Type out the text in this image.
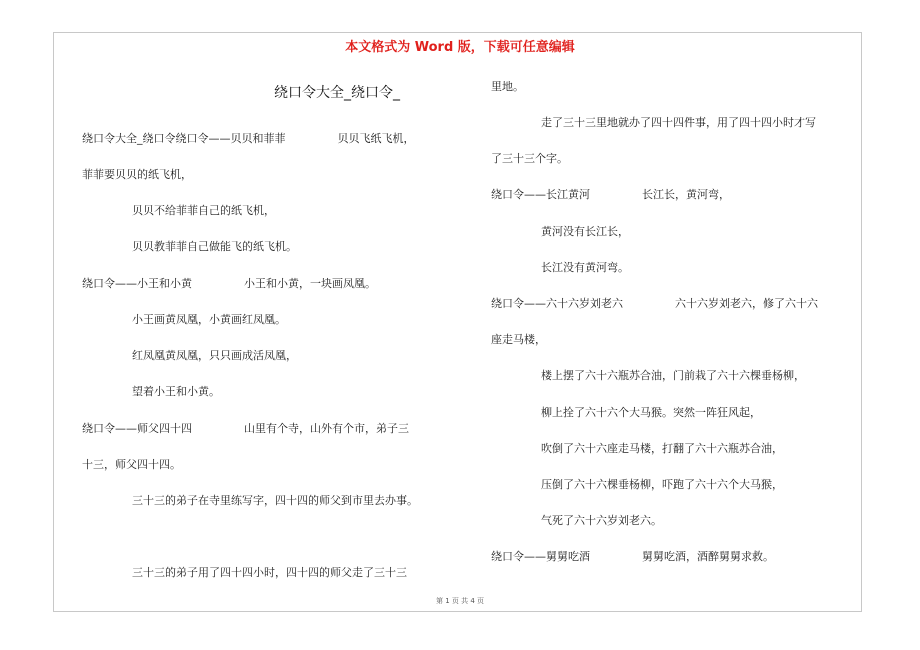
本文格式为 Word 版，下载可任意编辑
绕口令大全_绕口令_
绕口令大全_绕口令绕口令——贝贝和菲菲	贝贝飞纸飞机，
菲菲要贝贝的纸飞机，
贝贝不给菲菲自己的纸飞机，
贝贝教菲菲自己做能飞的纸飞机。
绕口令——小王和小黄	小王和小黄，一块画凤凰。
小王画黄凤凰，小黄画红凤凰。
红凤凰黄凤凰，只只画成活凤凰，
望着小王和小黄。
绕口令——师父四十四	山里有个寺，山外有个市，弟子三
十三，师父四十四。
三十三的弟子在寺里练写字，四十四的师父到市里去办事。
三十三的弟子用了四十四小时，四十四的师父走了三十三
里地。
走了三十三里地就办了四十四件事，用了四十四小时才写
了三十三个字。
绕口令——长江黄河	长江长，黄河弯，
黄河没有长江长，
长江没有黄河弯。
绕口令——六十六岁刘老六	六十六岁刘老六，修了六十六
座走马楼，
楼上摆了六十六瓶苏合油，门前栽了六十六棵垂杨柳，
柳上拴了六十六个大马猴。突然一阵狂风起，
吹倒了六十六座走马楼，打翻了六十六瓶苏合油，
压倒了六十六棵垂杨柳，吓跑了六十六个大马猴，
气死了六十六岁刘老六。
绕口令——舅舅吃酒	舅舅吃酒，酒醉舅舅求救。
第 1 页 共 4 页
